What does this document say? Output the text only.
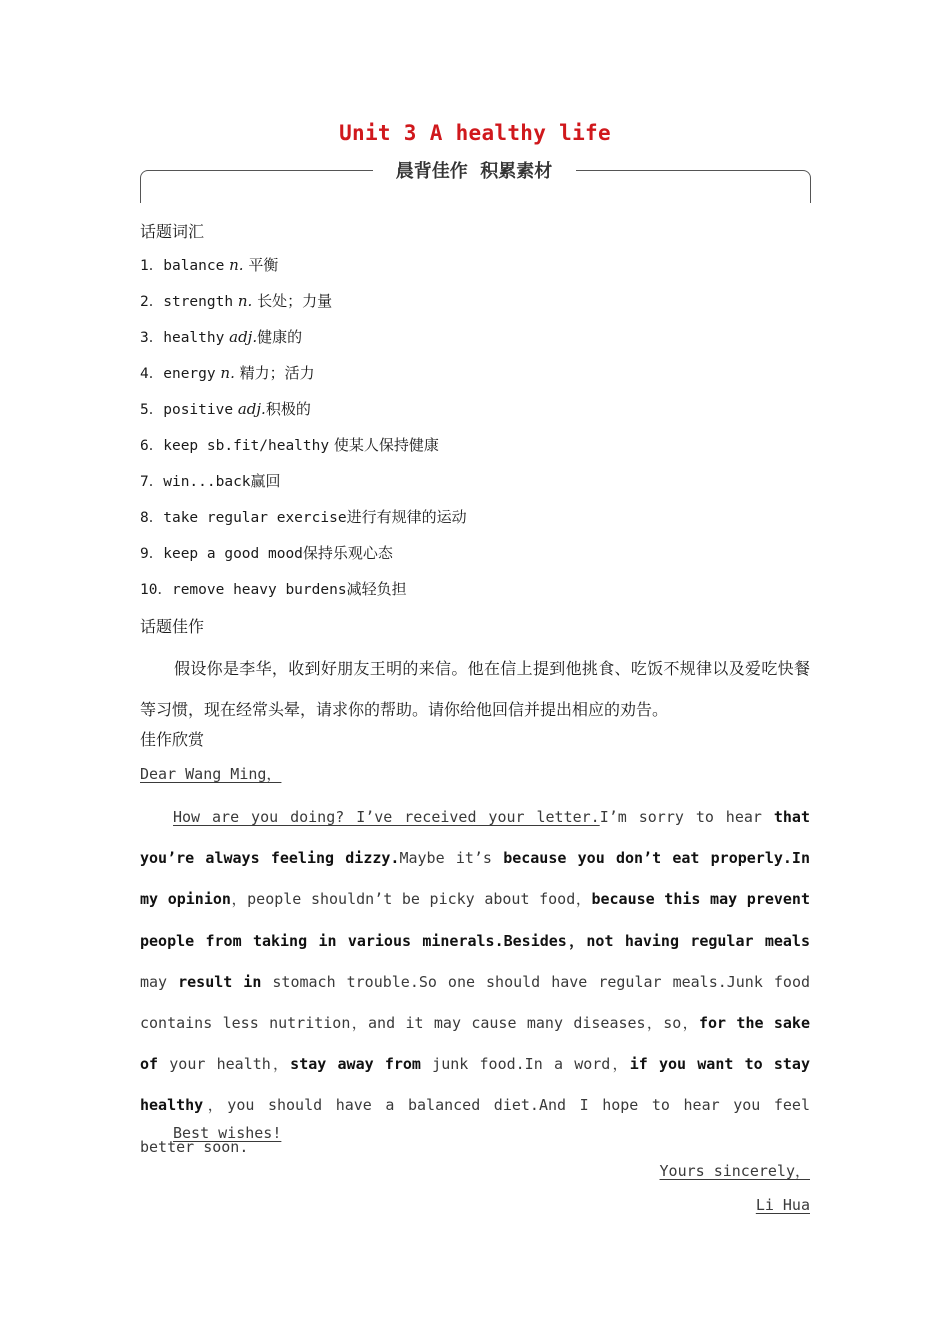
Unit 3 A healthy life
晨背佳作  积累素材
话题词汇
1．balance n. 平衡
2．strength n. 长处；力量
3．healthy adj.健康的
4．energy n. 精力；活力
5．positive adj.积极的
6．keep sb.fit/healthy 使某人保持健康
7．win...back赢回
8．take regular exercise进行有规律的运动
9．keep a good mood保持乐观心态
10．remove heavy burdens减轻负担
话题佳作
假设你是李华，收到好朋友王明的来信。他在信上提到他挑食、吃饭不规律以及爱吃快餐等习惯，现在经常头晕，请求你的帮助。请你给他回信并提出相应的劝告。
佳作欣赏
Dear Wang Ming，
How are you doing? I’ve received your letter.I’m sorry to hear that you’re always feeling dizzy.Maybe it’s because you don’t eat properly.In my opinion，people shouldn’t be picky about food，because this may prevent people from taking in various minerals.Besides，not having regular meals may result in stomach trouble.So one should have regular meals.Junk food contains less nutrition，and it may cause many diseases，so，for the sake of your health，stay away from junk food.In a word，if you want to stay healthy，you should have a balanced diet.And I hope to hear you feel better soon.
Best wishes!
Yours sincerely，
Li Hua
